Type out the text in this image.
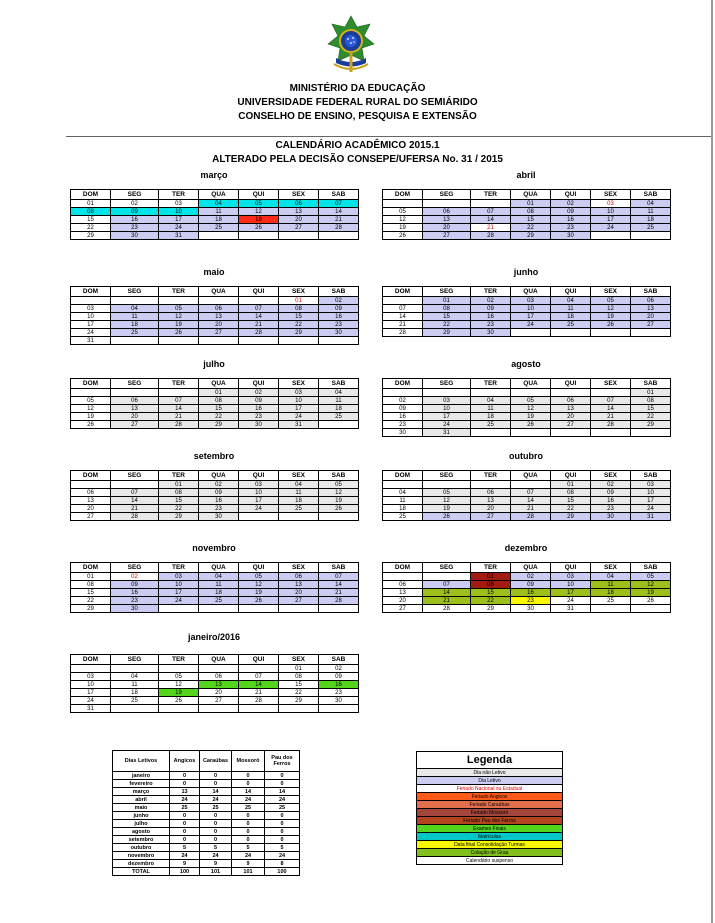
MINISTÉRIO DA EDUCAÇÃO
UNIVERSIDADE FEDERAL RURAL DO SEMIÁRIDO
CONSELHO DE ENSINO, PESQUISA E EXTENSÃO
CALENDÁRIO ACADÊMICO 2015.1
ALTERADO PELA DECISÃO CONSEPE/UFERSA No. 31 / 2015
março
DOM	SEG	TER	QUA	QUI	SEX	SAB
01	02	03	04	05	06	07
08	09	10	11	12	13	14
15	16	17	18	19	20	21
22	23	24	25	26	27	28
29	30	31				
abril
DOM	SEG	TER	QUA	QUI	SEX	SAB
			01	02	03	04
05	06	07	08	09	10	11
12	13	14	15	16	17	18
19	20	21	22	23	24	25
26	27	28	29	30		
maio
DOM	SEG	TER	QUA	QUI	SEX	SAB
					01	02
03	04	05	06	07	08	09
10	11	12	13	14	15	16
17	18	19	20	21	22	23
24	25	26	27	28	29	30
31						
junho
DOM	SEG	TER	QUA	QUI	SEX	SAB
	01	02	03	04	05	06
07	08	09	10	11	12	13
14	15	16	17	18	19	20
21	22	23	24	25	26	27
28	29	30				
julho
DOM	SEG	TER	QUA	QUI	SEX	SAB
			01	02	03	04
05	06	07	08	09	10	11
12	13	14	15	16	17	18
19	20	21	22	23	24	25
26	27	28	29	30	31	
agosto
DOM	SEG	TER	QUA	QUI	SEX	SAB
						01
02	03	04	05	06	07	08
09	10	11	12	13	14	15
16	17	18	19	20	21	22
23	24	25	26	27	28	29
30	31					
setembro
DOM	SEG	TER	QUA	QUI	SEX	SAB
		01	02	03	04	05
06	07	08	09	10	11	12
13	14	15	16	17	18	19
20	21	22	23	24	25	26
27	28	29	30			
outubro
DOM	SEG	TER	QUA	QUI	SEX	SAB
				01	02	03
04	05	06	07	08	09	10
11	12	13	14	15	16	17
18	19	20	21	22	23	24
25	26	27	28	29	30	31
novembro
DOM	SEG	TER	QUA	QUI	SEX	SAB
01	02	03	04	05	06	07
08	09	10	11	12	13	14
15	16	17	18	19	20	21
22	23	24	25	26	27	28
29	30					
dezembro
DOM	SEG	TER	QUA	QUI	SEX	SAB
		01	02	03	04	05
06	07	08	09	10	11	12
13	14	15	16	17	18	19
20	21	22	23	24	25	26
27	28	29	30	31		
janeiro/2016
DOM	SEG	TER	QUA	QUI	SEX	SAB
					01	02
03	04	05	06	07	08	09
10	11	12	13	14	15	16
17	18	19	20	21	22	23
24	25	26	27	28	29	30
31						
Dias Letivos	Angicos	Caraúbas	Mossoró	Pau dos Ferros
janeiro	0	0	0	0
fevereiro	0	0	0	0
março	13	14	14	14
abril	24	24	24	24
maio	25	25	25	25
junho	0	0	0	0
julho	0	0	0	0
agosto	0	0	0	0
setembro	0	0	0	0
outubro	5	5	5	5
novembro	24	24	24	24
dezembro	9	9	9	8
TOTAL	100	101	101	100
Legenda
Dia não Letivo
Dia Letivo
Feriado Nacional ou Estadual
Feriado Angicos
Feriado Caraúbas
Feriado Mossoro
Feriado Pau dos Ferros
Exames Finais
Matrículas
Data final Consolidação Turmas
Colação de Grau
Calendário suspenso
